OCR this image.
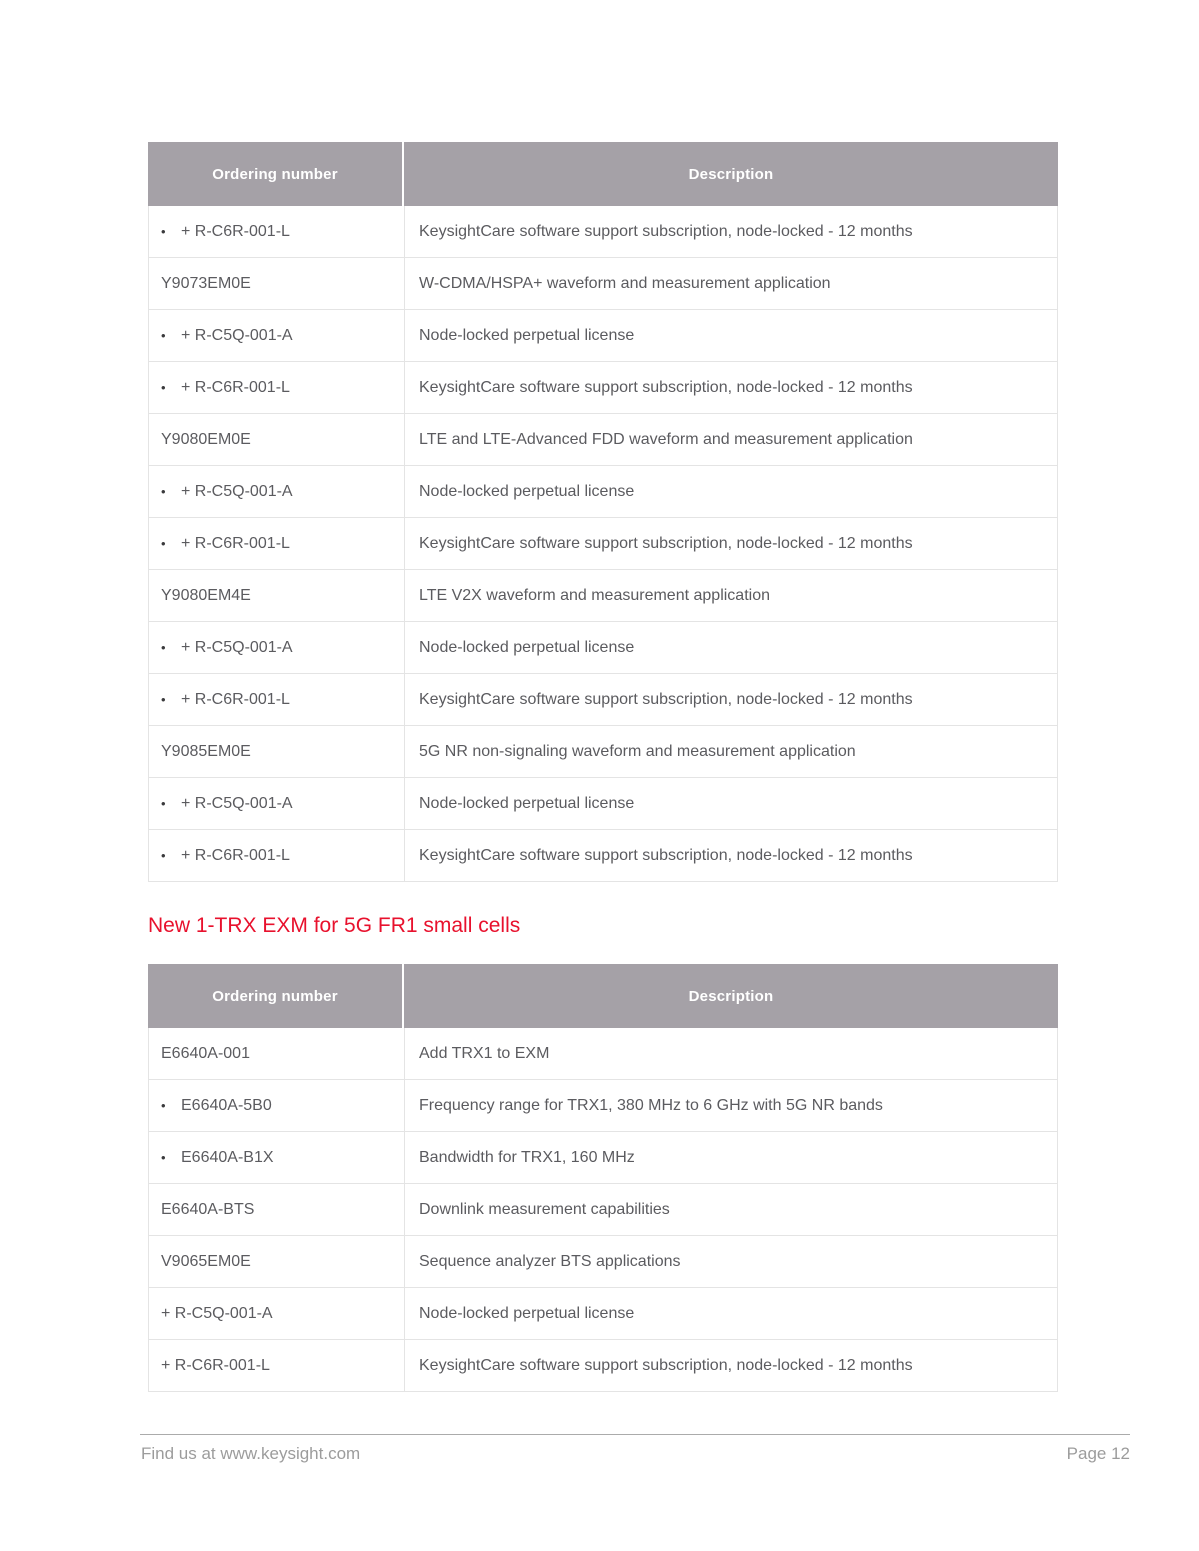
Ordering number	Description
• + R-C6R-001-L	KeysightCare software support subscription, node-locked - 12 months
Y9073EM0E	W-CDMA/HSPA+ waveform and measurement application
• + R-C5Q-001-A	Node-locked perpetual license
• + R-C6R-001-L	KeysightCare software support subscription, node-locked - 12 months
Y9080EM0E	LTE and LTE-Advanced FDD waveform and measurement application
• + R-C5Q-001-A	Node-locked perpetual license
• + R-C6R-001-L	KeysightCare software support subscription, node-locked - 12 months
Y9080EM4E	LTE V2X waveform and measurement application
• + R-C5Q-001-A	Node-locked perpetual license
• + R-C6R-001-L	KeysightCare software support subscription, node-locked - 12 months
Y9085EM0E	5G NR non-signaling waveform and measurement application
• + R-C5Q-001-A	Node-locked perpetual license
• + R-C6R-001-L	KeysightCare software support subscription, node-locked - 12 months
New 1-TRX EXM for 5G FR1 small cells
Ordering number	Description
E6640A-001	Add TRX1 to EXM
• E6640A-5B0	Frequency range for TRX1, 380 MHz to 6 GHz with 5G NR bands
• E6640A-B1X	Bandwidth for TRX1, 160 MHz
E6640A-BTS	Downlink measurement capabilities
V9065EM0E	Sequence analyzer BTS applications
+ R-C5Q-001-A	Node-locked perpetual license
+ R-C6R-001-L	KeysightCare software support subscription, node-locked - 12 months
Find us at www.keysight.com	Page 12
